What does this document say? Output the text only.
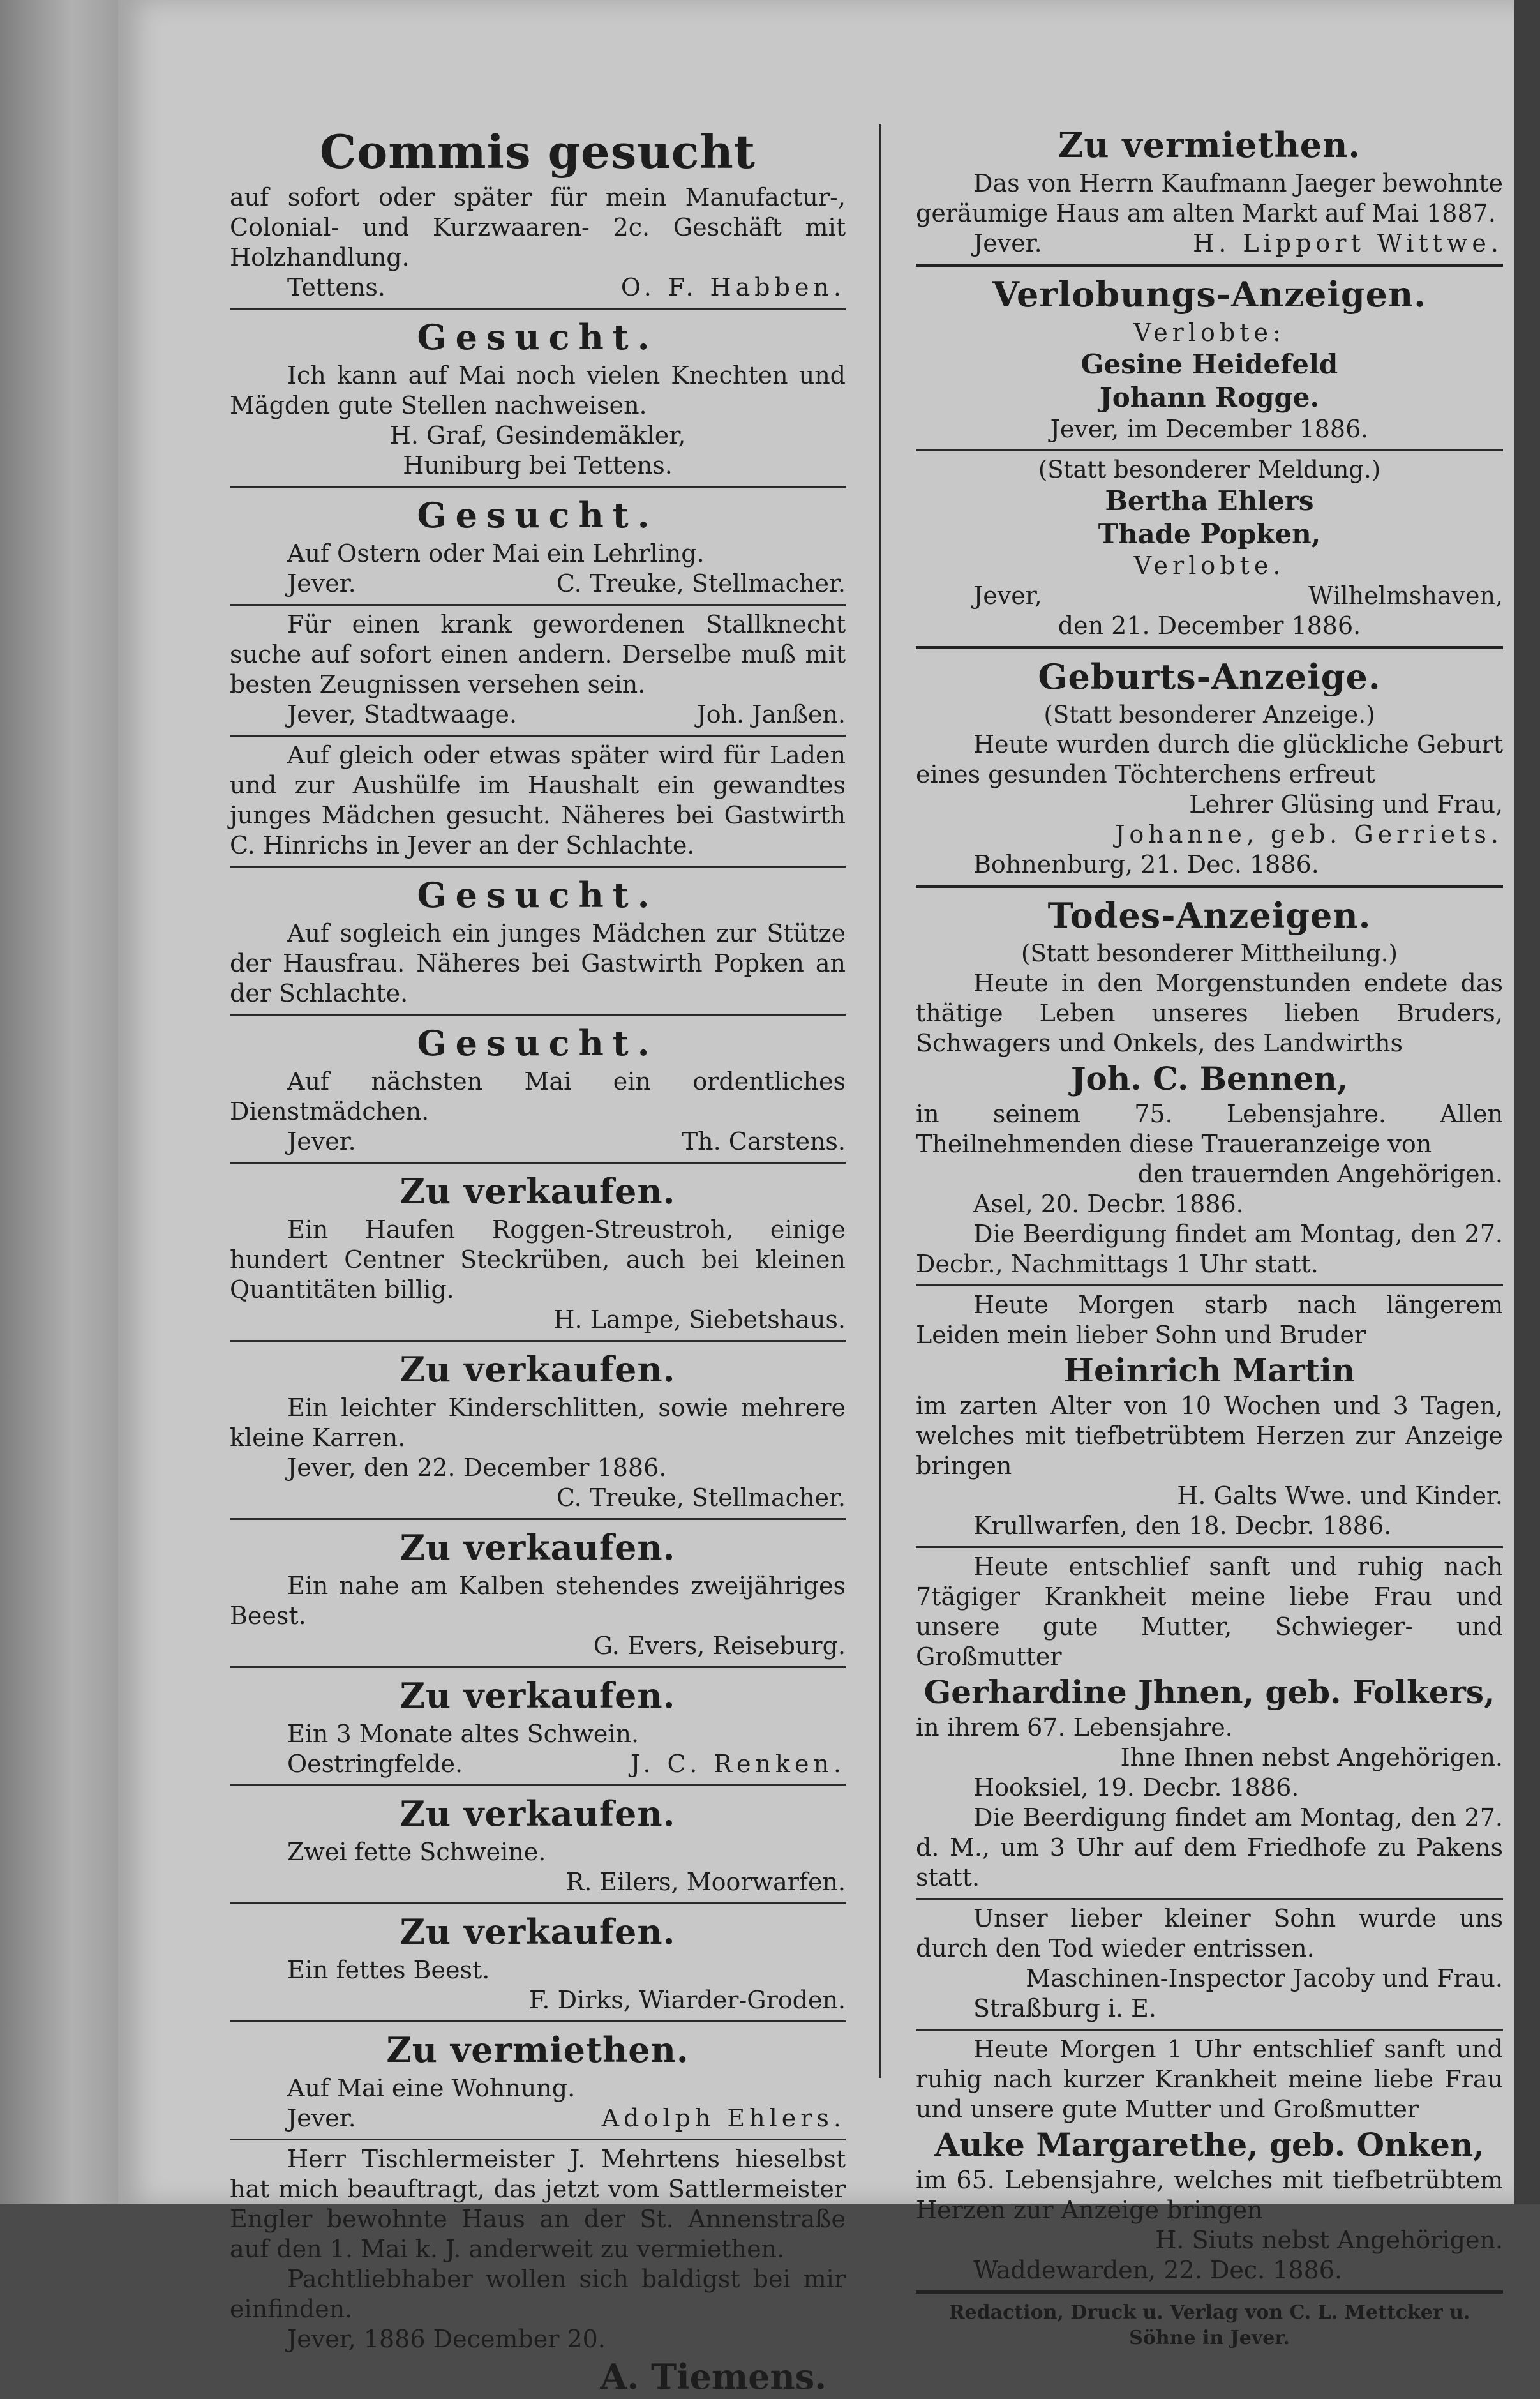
Commis gesucht
auf sofort oder später für mein Manufactur-, Colonial- und Kurzwaaren- 2c. Geschäft mit Holzhandlung.
Tettens.	O. F. Habben.
Gesucht.
Ich kann auf Mai noch vielen Knechten und Mägden gute Stellen nachweisen.
H. Graf, Gesindemäkler,
Huniburg bei Tettens.
Gesucht.
Auf Ostern oder Mai ein Lehrling.
Jever.	C. Treuke, Stellmacher.
Für einen krank gewordenen Stallknecht suche auf sofort einen andern. Derselbe muß mit besten Zeugnissen versehen sein.
Jever, Stadtwaage.	Joh. Janßen.
Auf gleich oder etwas später wird für Laden und zur Aushülfe im Haushalt ein gewandtes junges Mädchen gesucht. Näheres bei Gastwirth C. Hinrichs in Jever an der Schlachte.
Gesucht.
Auf sogleich ein junges Mädchen zur Stütze der Hausfrau. Näheres bei Gastwirth Popken an der Schlachte.
Gesucht.
Auf nächsten Mai ein ordentliches Dienstmädchen.
Jever.	Th. Carstens.
Zu verkaufen.
Ein Haufen Roggen-Streustroh, einige hundert Centner Steckrüben, auch bei kleinen Quantitäten billig.
H. Lampe, Siebetshaus.
Zu verkaufen.
Ein leichter Kinderschlitten, sowie mehrere kleine Karren.
Jever, den 22. December 1886.
C. Treuke, Stellmacher.
Zu verkaufen.
Ein nahe am Kalben stehendes zweijähriges Beest.
G. Evers, Reiseburg.
Zu verkaufen.
Ein 3 Monate altes Schwein.
Oestringfelde.	J. C. Renken.
Zu verkaufen.
Zwei fette Schweine.
R. Eilers, Moorwarfen.
Zu verkaufen.
Ein fettes Beest.
F. Dirks, Wiarder-Groden.
Zu vermiethen.
Auf Mai eine Wohnung.
Jever.	Adolph Ehlers.
Herr Tischlermeister J. Mehrtens hieselbst hat mich beauftragt, das jetzt vom Sattlermeister Engler bewohnte Haus an der St. Annenstraße auf den 1. Mai k. J. anderweit zu vermiethen.
Pachtliebhaber wollen sich baldigst bei mir einfinden.
Jever, 1886 December 20.
A. Tiemens.
Zu vermiethen.
Das von Herrn Kaufmann Jaeger bewohnte geräumige Haus am alten Markt auf Mai 1887.
Jever.	H. Lipport Wittwe.
Verlobungs-Anzeigen.
Verlobte:
Gesine Heidefeld
Johann Rogge.
Jever, im December 1886.
(Statt besonderer Meldung.)
Bertha Ehlers
Thade Popken,
Verlobte.
Jever,	Wilhelmshaven,
den 21. December 1886.
Geburts-Anzeige.
(Statt besonderer Anzeige.)
Heute wurden durch die glückliche Geburt eines gesunden Töchterchens erfreut
Lehrer Glüsing und Frau,
Johanne, geb. Gerriets.
Bohnenburg, 21. Dec. 1886.
Todes-Anzeigen.
(Statt besonderer Mittheilung.)
Heute in den Morgenstunden endete das thätige Leben unseres lieben Bruders, Schwagers und Onkels, des Landwirths
Joh. C. Bennen,
in seinem 75. Lebensjahre. Allen Theilnehmenden diese Traueranzeige von
den trauernden Angehörigen.
Asel, 20. Decbr. 1886.
Die Beerdigung findet am Montag, den 27. Decbr., Nachmittags 1 Uhr statt.
Heute Morgen starb nach längerem Leiden mein lieber Sohn und Bruder
Heinrich Martin
im zarten Alter von 10 Wochen und 3 Tagen, welches mit tiefbetrübtem Herzen zur Anzeige bringen
H. Galts Wwe. und Kinder.
Krullwarfen, den 18. Decbr. 1886.
Heute entschlief sanft und ruhig nach 7tägiger Krankheit meine liebe Frau und unsere gute Mutter, Schwieger- und Großmutter
Gerhardine Jhnen, geb. Folkers,
in ihrem 67. Lebensjahre.
Ihne Ihnen nebst Angehörigen.
Hooksiel, 19. Decbr. 1886.
Die Beerdigung findet am Montag, den 27. d. M., um 3 Uhr auf dem Friedhofe zu Pakens statt.
Unser lieber kleiner Sohn wurde uns durch den Tod wieder entrissen.
Maschinen-Inspector Jacoby und Frau.
Straßburg i. E.
Heute Morgen 1 Uhr entschlief sanft und ruhig nach kurzer Krankheit meine liebe Frau und unsere gute Mutter und Großmutter
Auke Margarethe, geb. Onken,
im 65. Lebensjahre, welches mit tiefbetrübtem Herzen zur Anzeige bringen
H. Siuts nebst Angehörigen.
Waddewarden, 22. Dec. 1886.
Redaction, Druck u. Verlag von C. L. Mettcker u. Söhne in Jever.
